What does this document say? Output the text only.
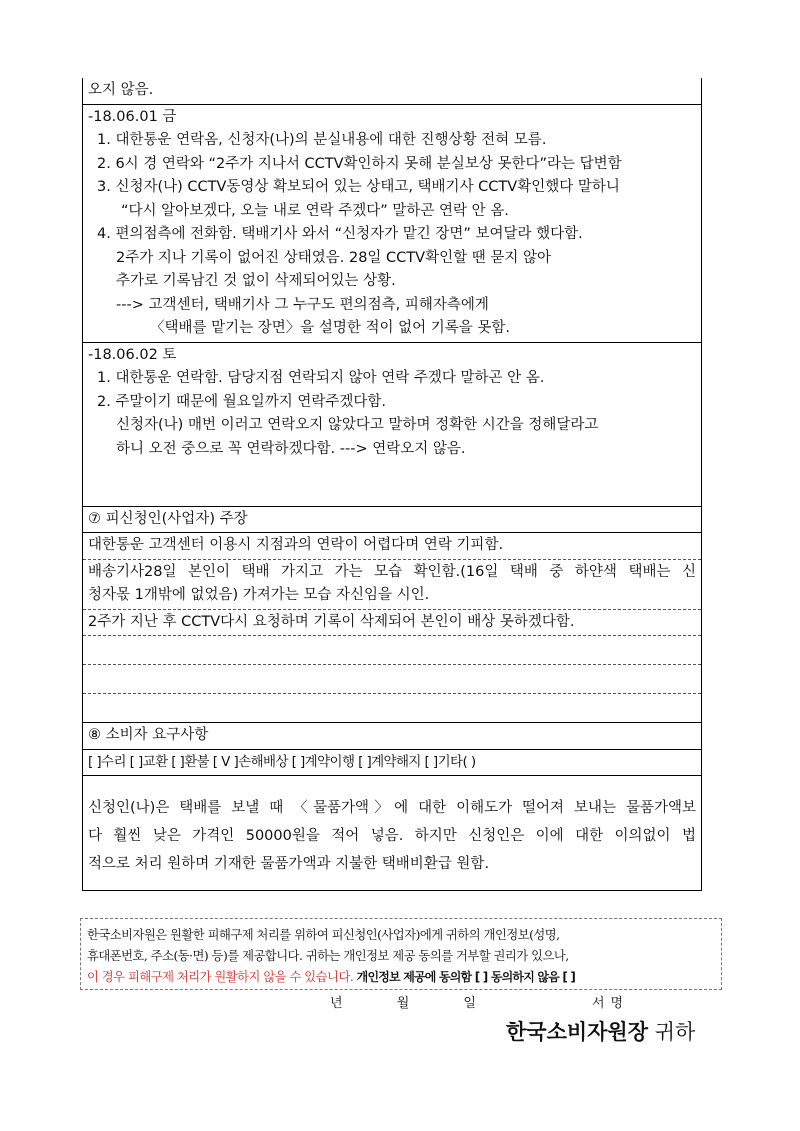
오지 않음.
-18.06.01 금
1. 대한통운 연락옴, 신청자(나)의 분실내용에 대한 진행상황 전혀 모름.
2. 6시 경 연락와 “2주가 지나서 CCTV확인하지 못해 분실보상 못한다”라는 답변함
3. 신청자(나) CCTV동영상 확보되어 있는 상태고, 택배기사 CCTV확인했다 말하니
“다시 알아보겠다, 오늘 내로 연락 주겠다” 말하곤 연락 안 옴.
4. 편의점측에 전화함. 택배기사 와서 “신청자가 맡긴 장면” 보여달라 했다함.
2주가 지나 기록이 없어진 상태였음. 28일 CCTV확인할 땐 묻지 않아
추가로 기록남긴 것 없이 삭제되어있는 상황.
---> 고객센터, 택배기사 그 누구도 편의점측, 피해자측에게
〈택배를 맡기는 장면〉을 설명한 적이 없어 기록을 못함.
-18.06.02 토
1. 대한통운 연락함. 담당지점 연락되지 않아 연락 주겠다 말하곤 안 옴.
2. 주말이기 때문에 월요일까지 연락주겠다함.
신청자(나) 매번 이러고 연락오지 않았다고 말하며 정확한 시간을 정해달라고
하니 오전 중으로 꼭 연락하겠다함. ---> 연락오지 않음.
⑦ 피신청인(사업자) 주장
대한통운 고객센터 이용시 지점과의 연락이 어렵다며 연락 기피함.
배송기사28일 본인이 택배 가지고 가는 모습 확인함.(16일 택배 중 하얀색 택배는 신
청자몫 1개밖에 없었음) 가져가는 모습 자신임을 시인.
2주가 지난 후 CCTV다시 요청하며 기록이 삭제되어 본인이 배상 못하겠다함.
⑧ 소비자 요구사항
[ ]수리 [ ]교환 [ ]환불 [ V ]손해배상 [ ]계약이행 [ ]계약해지 [ ]기타( )
신청인(나)은 택배를 보낼 때 〈물품가액〉에 대한 이해도가 떨어져 보내는 물품가액보
다 훨씬 낮은 가격인 50000원을 적어 넣음. 하지만 신청인은 이에 대한 이의없이 법
적으로 처리 원하며 기재한 물품가액과 지불한 택배비환급 원함.
한국소비자원은 원활한 피해구제 처리를 위하여 피신청인(사업자)에게 귀하의 개인정보(성명,
휴대폰번호, 주소(동·면) 등)를 제공합니다. 귀하는 개인정보 제공 동의를 거부할 권리가 있으나,
이 경우 피해구제 처리가 원활하지 않을 수 있습니다. 개인정보 제공에 동의함 [ ] 동의하지 않음 [ ]
년	월	일	서명
한국소비자원장 귀하
